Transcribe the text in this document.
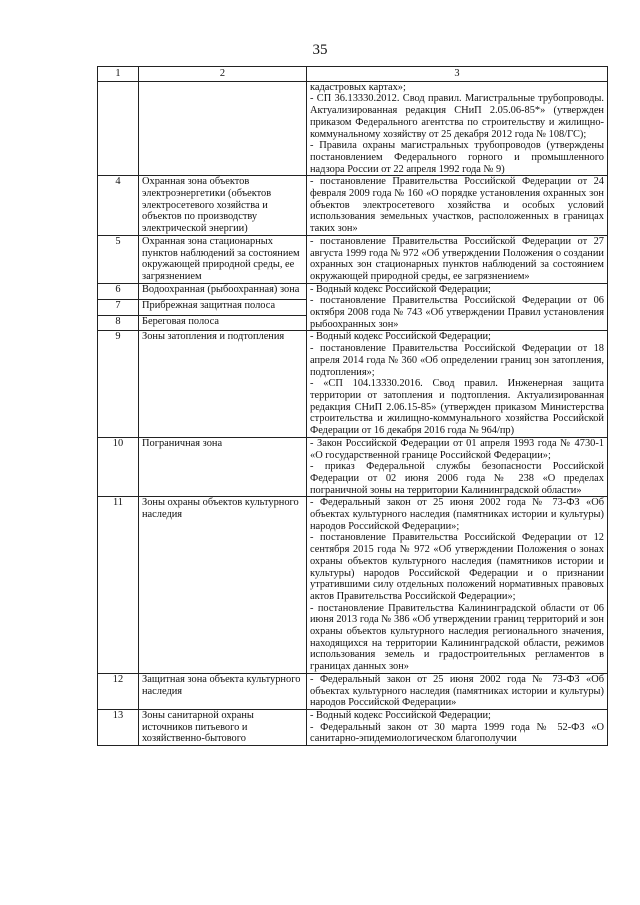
35
1	2	3

		кадастровых картах»;
- СП 36.13330.2012. Свод правил. Магистральные трубопроводы. Актуализированная редакция СНиП 2.05.06-85*» (утвержден приказом Федерального агентства по строительству и жилищно-коммунальному хозяйству от 25 декабря 2012 года № 108/ГС);
- Правила охраны магистральных трубопроводов (утверждены постановлением Федерального горного и промышленного надзора России от 22 апреля 1992 года № 9)

4	Охранная зона объектов электроэнергетики (объектов электросетевого хозяйства и объектов по производству электрической энергии)	- постановление Правительства Российской Федерации от 24 февраля 2009 года № 160 «О порядке установления охранных зон объектов электросетевого хозяйства и особых условий использования земельных участков, расположенных в границах таких зон»

5	Охранная зона стационарных пунктов наблюдений за состоянием окружающей природной среды, ее загрязнением	- постановление Правительства Российской Федерации от 27 августа 1999 года № 972 «Об утверждении Положения о создании охранных зон стационарных пунктов наблюдений за состоянием окружающей природной среды, ее загрязнением»

6	Водоохранная (рыбоохранная) зона	- Водный кодекс Российской Федерации;
- постановление Правительства Российской Федерации от 06 октября 2008 года № 743 «Об утверждении Правил установления рыбоохранных зон»

7	Прибрежная защитная полоса	
8	Береговая полоса	
9	Зоны затопления и подтопления	- Водный кодекс Российской Федерации;
- постановление Правительства Российской Федерации от 18 апреля 2014 года № 360 «Об определении границ зон затопления, подтопления»;
- «СП 104.13330.2016. Свод правил. Инженерная защита территории от затопления и подтопления. Актуализированная редакция СНиП 2.06.15-85» (утвержден приказом Министерства строительства и жилищно-коммунального хозяйства Российской Федерации от 16 декабря 2016 года № 964/пр)

10	Пограничная зона	- Закон Российской Федерации от 01 апреля 1993 года № 4730-1 «О государственной границе Российской Федерации»;
- приказ Федеральной службы безопасности Российской Федерации от 02 июня 2006 года № 238 «О пределах пограничной зоны на территории Калининградской области»

11	Зоны охраны объектов культурного наследия	- Федеральный закон от 25 июня 2002 года № 73-ФЗ «Об объектах культурного наследия (памятниках истории и культуры) народов Российской Федерации»;
- постановление Правительства Российской Федерации от 12 сентября 2015 года № 972 «Об утверждении Положения о зонах охраны объектов культурного наследия (памятников истории и культуры) народов Российской Федерации и о признании утратившими силу отдельных положений нормативных правовых актов Правительства Российской Федерации»;
- постановление Правительства Калининградской области от 06 июня 2013 года № 386 «Об утверждении границ территорий и зон охраны объектов культурного наследия регионального значения, находящихся на территории Калининградской области, режимов использования земель и градостроительных регламентов в границах данных зон»

12	Защитная зона объекта культурного наследия	- Федеральный закон от 25 июня 2002 года № 73-ФЗ «Об объектах культурного наследия (памятниках истории и культуры) народов Российской Федерации»

13	Зоны санитарной охраны источников питьевого и хозяйственно-бытового	- Водный кодекс Российской Федерации;
- Федеральный закон от 30 марта 1999 года № 52-ФЗ «О санитарно-эпидемиологическом благополучии
